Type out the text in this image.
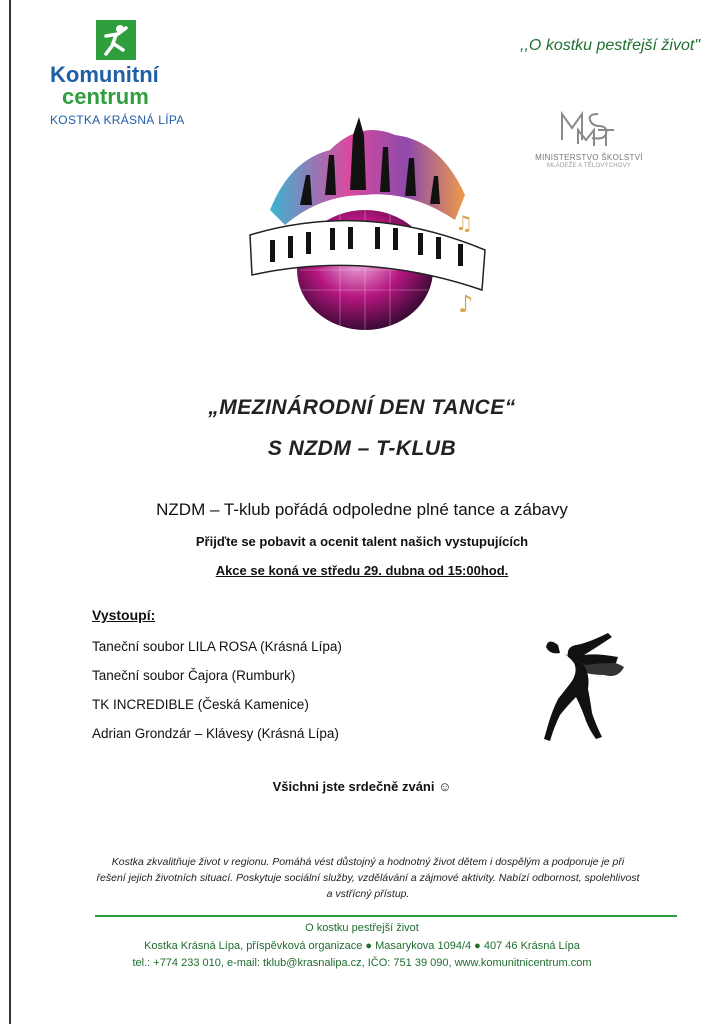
Komunitní
centrum
KOSTKA KRÁSNÁ LÍPA
,,O kostku pestřejší život"
MINISTERSTVO ŠKOLSTVÍ
MLÁDEŽE A TĚLOVÝCHOVY
♪
♫
„MEZINÁRODNÍ DEN TANCE“
S NZDM – T-KLUB
NZDM – T-klub pořádá odpoledne plné tance a zábavy
Přijďte se pobavit a ocenit talent našich vystupujících
Akce se koná ve středu 29. dubna od 15:00hod.
Vystoupí:
Taneční soubor LILA ROSA (Krásná Lípa)
Taneční soubor Čajora (Rumburk)
TK INCREDIBLE (Česká Kamenice)
Adrian Grondzár – Klávesy (Krásná Lípa)
Všichni jste srdečně zváni ☺
Kostka zkvalitňuje život v regionu. Pomáhá vést důstojný a hodnotný život dětem i dospělým a podporuje je při řešení jejich životních situací. Poskytuje sociální služby, vzdělávání a zájmové aktivity. Nabízí odbornost, spolehlivost a vstřícný přístup.
O kostku pestřejší život
Kostka Krásná Lípa, příspěvková organizace ● Masarykova 1094/4 ● 407 46 Krásná Lípa
tel.: +774 233 010, e-mail: tklub@krasnalipa.cz, IČO: 751 39 090, www.komunitnicentrum.com
